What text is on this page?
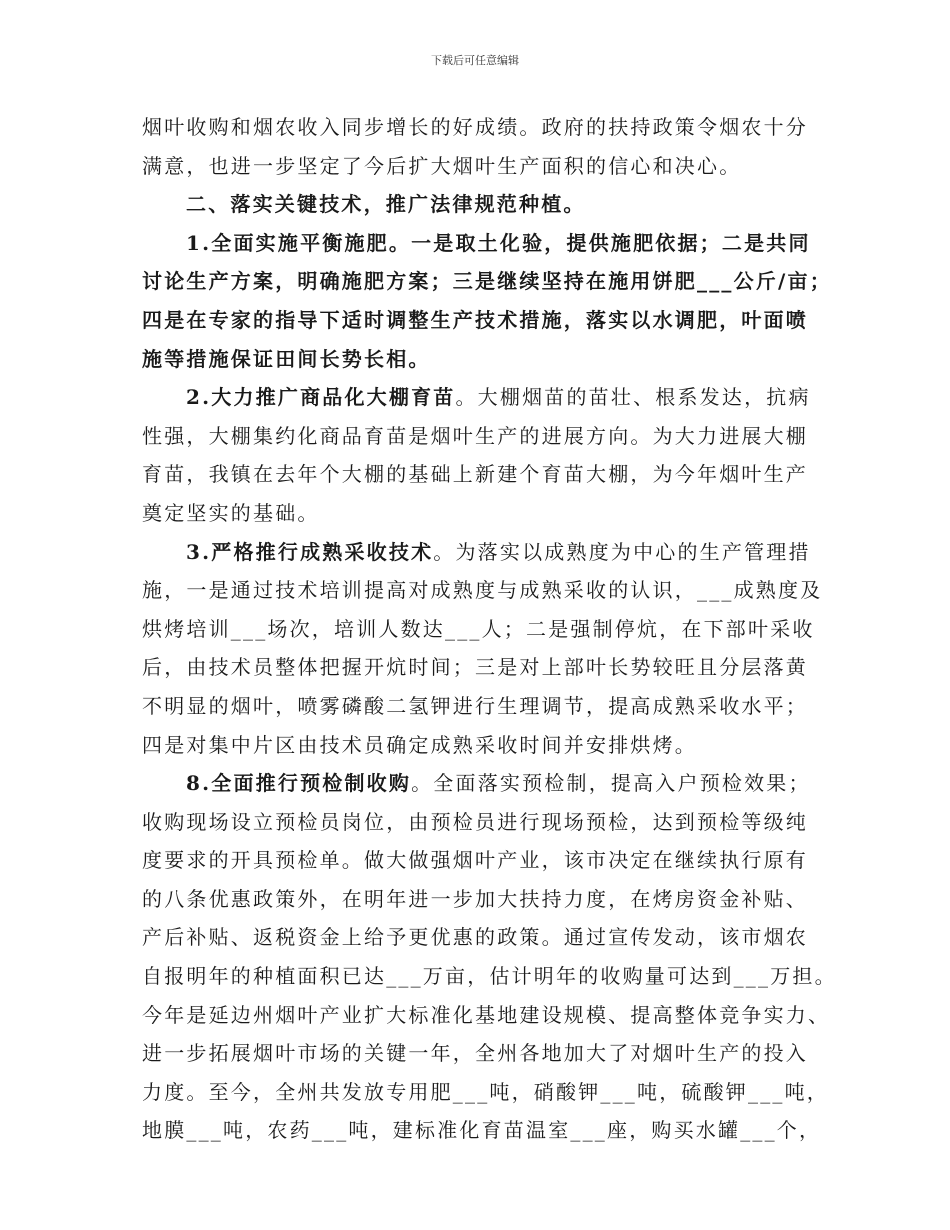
下载后可任意编辑
烟叶收购和烟农收入同步增长的好成绩。政府的扶持政策令烟农十分
满意，也进一步坚定了今后扩大烟叶生产面积的信心和决心。
二、落实关键技术，推广法律规范种植。
1.全面实施平衡施肥。一是取土化验，提供施肥依据；二是共同
讨论生产方案，明确施肥方案；三是继续坚持在施用饼肥___公斤/亩；
四是在专家的指导下适时调整生产技术措施，落实以水调肥，叶面喷
施等措施保证田间长势长相。
2.大力推广商品化大棚育苗。大棚烟苗的苗壮、根系发达，抗病
性强，大棚集约化商品育苗是烟叶生产的进展方向。为大力进展大棚
育苗，我镇在去年个大棚的基础上新建个育苗大棚，为今年烟叶生产
奠定坚实的基础。
3.严格推行成熟采收技术。为落实以成熟度为中心的生产管理措
施，一是通过技术培训提高对成熟度与成熟采收的认识，___成熟度及
烘烤培训___场次，培训人数达___人；二是强制停炕，在下部叶采收
后，由技术员整体把握开炕时间；三是对上部叶长势较旺且分层落黄
不明显的烟叶，喷雾磷酸二氢钾进行生理调节，提高成熟采收水平；
四是对集中片区由技术员确定成熟采收时间并安排烘烤。
8.全面推行预检制收购。全面落实预检制，提高入户预检效果；
收购现场设立预检员岗位，由预检员进行现场预检，达到预检等级纯
度要求的开具预检单。做大做强烟叶产业，该市决定在继续执行原有
的八条优惠政策外，在明年进一步加大扶持力度，在烤房资金补贴、
产后补贴、返税资金上给予更优惠的政策。通过宣传发动，该市烟农
自报明年的种植面积已达___万亩，估计明年的收购量可达到___万担。
今年是延边州烟叶产业扩大标准化基地建设规模、提高整体竞争实力、
进一步拓展烟叶市场的关键一年，全州各地加大了对烟叶生产的投入
力度。至今，全州共发放专用肥___吨，硝酸钾___吨，硫酸钾___吨，
地膜___吨，农药___吨，建标准化育苗温室___座，购买水罐___个，
